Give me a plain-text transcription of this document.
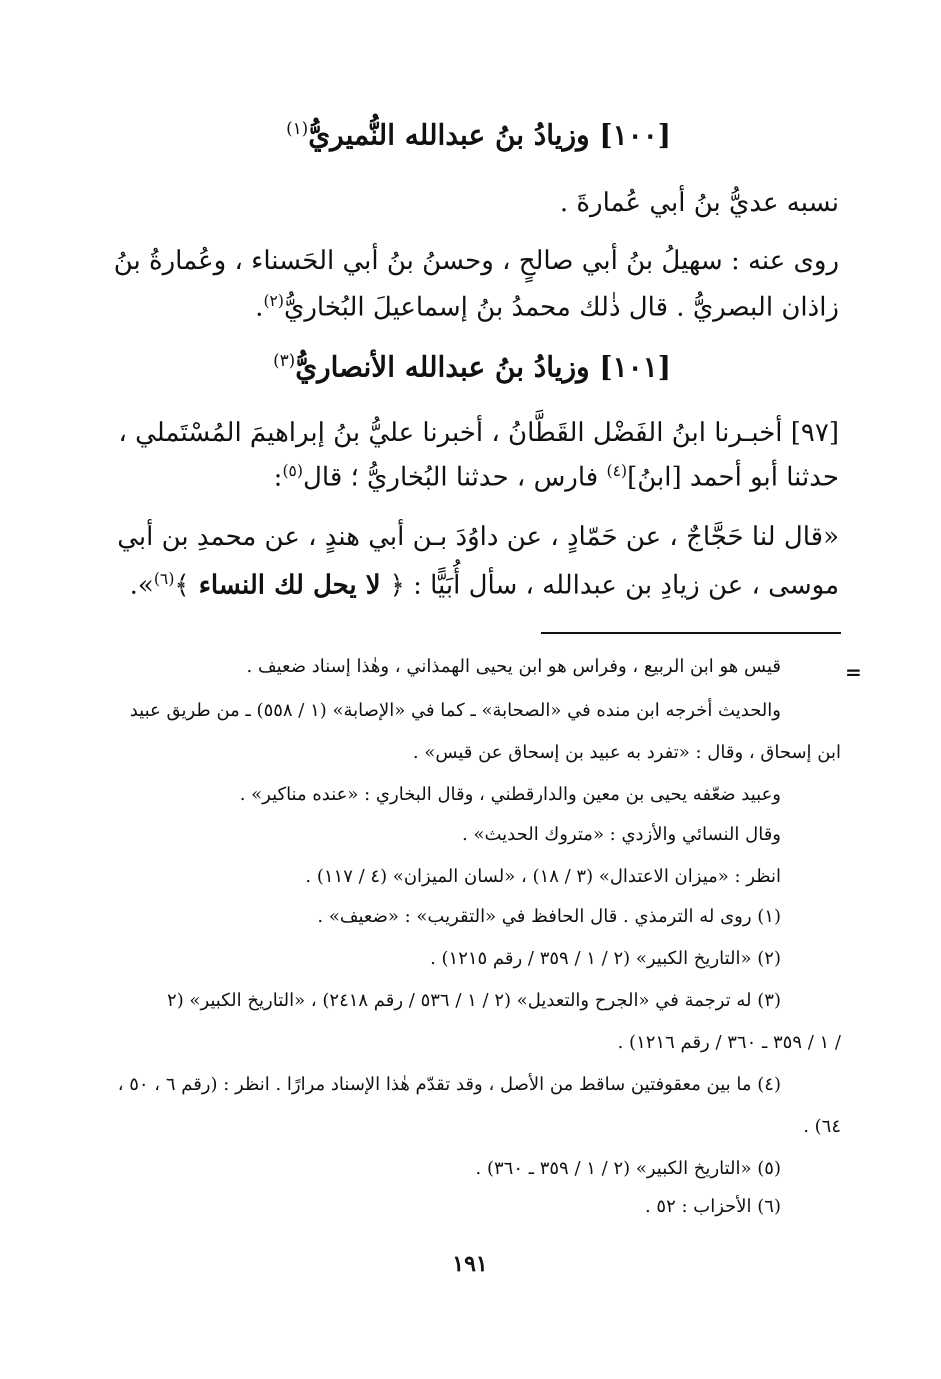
[١٠٠] وزيادُ بنُ عبدالله النُّميريُّ$^{(١)}$
نسبه عديُّ بنُ أبي عُمارةَ .
روى عنه : سهيلُ بنُ أبي صالحٍ ، وحسنُ بنُ أبي الحَسناء ، وعُمارةُ بنُ
زاذان البصريُّ . قال ذٰلك محمدُ بنُ إسماعيلَ البُخاريُّ$^{(٢)}$.
[١٠١] وزيادُ بنُ عبدالله الأنصاريُّ$^{(٣)}$
[٩٧] أخبـرنا ابنُ الفَضْل القَطَّانُ ، أخبرنا عليُّ بنُ إبراهيمَ المُسْتَملي ،
حدثنا أبو أحمد [ابنُ]$^{(٤)}$ فارس ، حدثنا البُخاريُّ ؛ قال$^{(٥)}$:
«قال لنا حَجَّاجٌ ، عن حَمّادٍ ، عن داوُدَ بـن أبي هندٍ ، عن محمدِ بن أبي
موسى ، عن زيادِ بن عبدالله ، سأل أُبَيًّا : ﴿ لا يحل لك النساء ﴾$^{(٦)}$».
=
قيس هو ابن الربيع ، وفراس هو ابن يحيى الهمذاني ، وهٰذا إسناد ضعيف .
والحديث أخرجه ابن منده في «الصحابة» ـ كما في «الإصابة» (١ / ٥٥٨) ـ من طريق عبيد
ابن إسحاق ، وقال : «تفرد به عبيد بن إسحاق عن قيس» .
وعبيد ضعّفه يحيى بن معين والدارقطني ، وقال البخاري : «عنده مناكير» .
وقال النسائي والأزدي : «متروك الحديث» .
انظر : «ميزان الاعتدال» (٣ / ١٨) ، «لسان الميزان» (٤ / ١١٧) .
(١) روى له الترمذي . قال الحافظ في «التقريب» : «ضعيف» .
(٢) «التاريخ الكبير» (٢ / ١ / ٣٥٩ / رقم ١٢١٥) .
(٣) له ترجمة في «الجرح والتعديل» (٢ / ١ / ٥٣٦ / رقم ٢٤١٨) ، «التاريخ الكبير» (٢
/ ١ / ٣٥٩ ـ ٣٦٠ / رقم ١٢١٦) .
(٤) ما بين معقوفتين ساقط من الأصل ، وقد تقدّم هٰذا الإسناد مرارًا . انظر : (رقم ٦ ، ٥٠ ،
٦٤) .
(٥) «التاريخ الكبير» (٢ / ١ / ٣٥٩ ـ ٣٦٠) .
(٦) الأحزاب : ٥٢ .
١٩١
